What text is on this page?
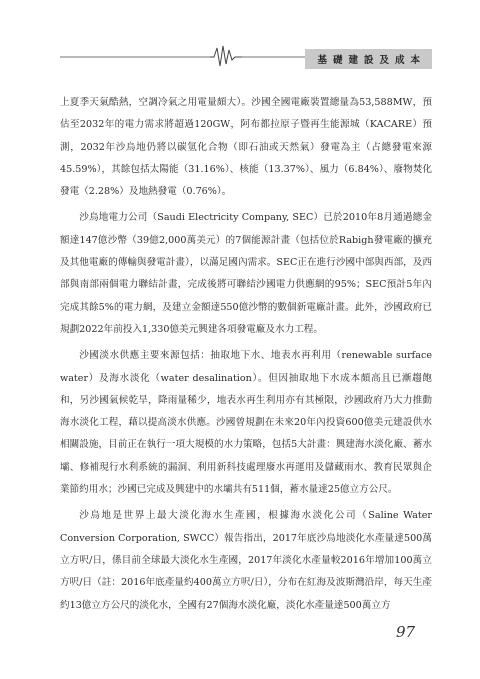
基礎建設及成本

上夏季天氣酷熱，空調冷氣之用電量頗大）。沙國全國電廠裝置總量為53,588MW，預估至2032年的電力需求將超過120GW，阿布都拉原子暨再生能源城（KACARE）預測，2032年沙烏地仍將以碳氫化合物（即石油或天然氣）發電為主（占總發電來源45.59%），其餘包括太陽能（31.16%）、核能（13.37%）、風力（6.84%）、廢物焚化發電（2.28%）及地熱發電（0.76%）。

沙烏地電力公司（Saudi Electricity Company, SEC）已於2010年8月通過總金額達147億沙幣（39億2,000萬美元）的7個能源計畫（包括位於Rabigh發電廠的擴充及其他電廠的傳輸與發電計畫），以滿足國內需求。SEC正在進行沙國中部與西部，及西部與南部兩個電力聯結計畫，完成後將可聯結沙國電力供應網的95%；SEC預計5年內完成其餘5%的電力網，及建立金額達550億沙幣的數個新電廠計畫。此外，沙國政府已規劃2022年前投入1,330億美元興建各項發電廠及水力工程。

沙國淡水供應主要來源包括：抽取地下水、地表水再利用（renewable surface water）及海水淡化（water desalination）。但因抽取地下水成本頗高且已漸趨飽和，另沙國氣候乾旱，降雨量稀少，地表水再生利用亦有其極限，沙國政府乃大力推動海水淡化工程，藉以提高淡水供應。沙國曾規劃在未來20年內投資600億美元建設供水相關設施，目前正在執行一項大規模的水力策略，包括5大計畫：興建海水淡化廠、蓄水壩、修補現行水利系統的漏洞、利用新科技處理廢水再運用及儲藏雨水、教育民眾與企業節約用水；沙國已完成及興建中的水壩共有511個，蓄水量達25億立方公尺。

沙烏地是世界上最大淡化海水生產國，根據海水淡化公司（Saline Water Conversion Corporation, SWCC）報告指出，2017年底沙烏地淡化水產量達500萬立方呎/日，係目前全球最大淡化水生產國，2017年淡化水產量較2016年增加100萬立方呎/日（註：2016年底產量約400萬立方呎/日），分布在紅海及波斯灣沿岸，每天生產約13億立方公尺的淡化水，全國有27個海水淡化廠，淡化水產量達500萬立方

97
